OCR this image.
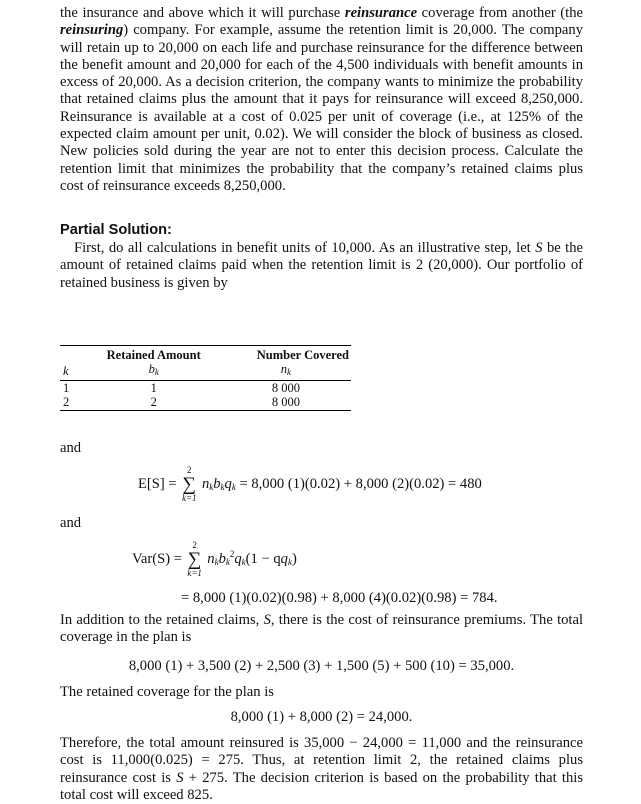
the insurance and above which it will purchase reinsurance coverage from another (the reinsuring) company. For example, assume the retention limit is 20,000. The company will retain up to 20,000 on each life and purchase reinsurance for the difference between the benefit amount and 20,000 for each of the 4,500 individuals with benefit amounts in excess of 20,000. As a decision criterion, the company wants to minimize the probability that retained claims plus the amount that it pays for reinsurance will exceed 8,250,000. Reinsurance is available at a cost of 0.025 per unit of coverage (i.e., at 125% of the expected claim amount per unit, 0.02). We will consider the block of business as closed. New policies sold during the year are not to enter this decision process. Calculate the retention limit that minimizes the probability that the company’s retained claims plus cost of reinsurance exceeds 8,250,000.

Partial Solution:

First, do all calculations in benefit units of 10,000. As an illustrative step, let S be the amount of retained claims paid when the retention limit is 2 (20,000). Our portfolio of retained business is given by

	Retained Amount	Number Covered
k	$b_k$	$n_k$
1	1	8 000
2	2	8 000
and
E[S] =
2
∑
k=1
$n_kb_kq_k = 8,000$ (1)(0.02) + 8,000 (2)(0.02) = 480
and
Var(S) =
2
∑
k=1
$n_kb_k^2q_k(1 - qq_k)$
= 8,000 (1)(0.02)(0.98) + 8,000 (4)(0.02)(0.98) = 784.

In addition to the retained claims, S, there is the cost of reinsurance premiums. The total coverage in the plan is

8,000 (1) + 3,500 (2) + 2,500 (3) + 1,500 (5) + 500 (10) = 35,000.

The retained coverage for the plan is

8,000 (1) + 8,000 (2) = 24,000.

Therefore, the total amount reinsured is 35,000 − 24,000 = 11,000 and the reinsurance cost is 11,000(0.025) = 275. Thus, at retention limit 2, the retained claims plus reinsurance cost is S + 275. The decision criterion is based on the probability that this total cost will exceed 825.
